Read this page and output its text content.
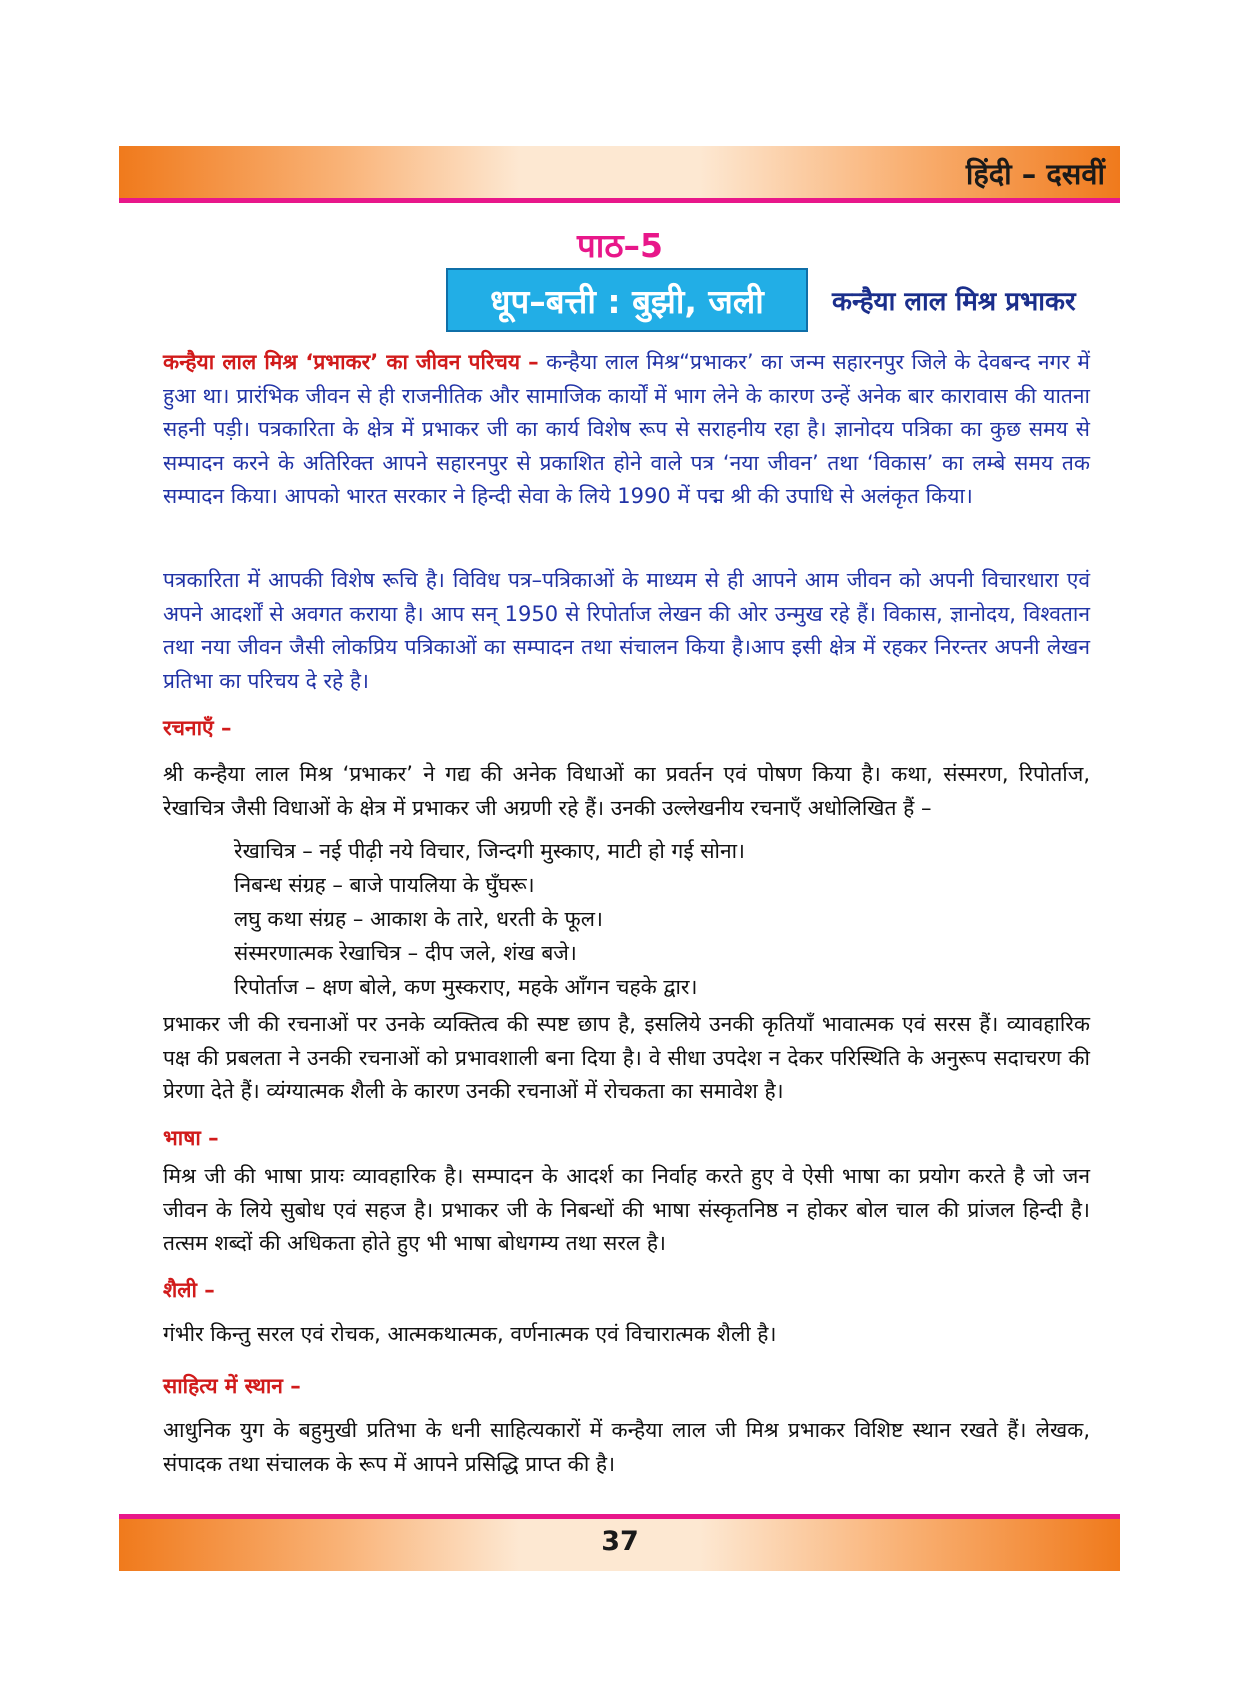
हिंदी – दसवीं
पाठ–5
धूप–बत्ती : बुझी, जली	कन्हैया लाल मिश्र प्रभाकर

कन्हैया लाल मिश्र ‘प्रभाकर’ का जीवन परिचय – कन्हैया लाल मिश्र“प्रभाकर’ का जन्म सहारनपुर जिले के देवबन्द नगर में हुआ था। प्रारंभिक जीवन से ही राजनीतिक और सामाजिक कार्यों में भाग लेने के कारण उन्हें अनेक बार कारावास की यातना सहनी पड़ी। पत्रकारिता के क्षेत्र में प्रभाकर जी का कार्य विशेष रूप से सराहनीय रहा है। ज्ञानोदय पत्रिका का कुछ समय से सम्पादन करने के अतिरिक्त आपने सहारनपुर से प्रकाशित होने वाले पत्र ‘नया जीवन’ तथा ‘विकास’ का लम्बे समय तक सम्पादन किया। आपको भारत सरकार ने हिन्दी सेवा के लिये 1990 में पद्म श्री की उपाधि से अलंकृत किया।

पत्रकारिता में आपकी विशेष रूचि है। विविध पत्र–पत्रिकाओं के माध्यम से ही आपने आम जीवन को अपनी विचारधारा एवं अपने आदर्शों से अवगत कराया है। आप सन् 1950 से रिपोर्ताज लेखन की ओर उन्मुख रहे हैं। विकास, ज्ञानोदय, विश्वतान तथा नया जीवन जैसी लोकप्रिय पत्रिकाओं का सम्पादन तथा संचालन किया है।आप इसी क्षेत्र में रहकर निरन्तर अपनी लेखन प्रतिभा का परिचय दे रहे है।

रचनाएँ –

श्री कन्हैया लाल मिश्र ‘प्रभाकर’ ने गद्य की अनेक विधाओं का प्रवर्तन एवं पोषण किया है। कथा, संस्मरण, रिपोर्ताज, रेखाचित्र जैसी विधाओं के क्षेत्र में प्रभाकर जी अग्रणी रहे हैं। उनकी उल्लेखनीय रचनाएँ अधोलिखित हैं –

रेखाचित्र – नई पीढ़ी नये विचार, जिन्दगी मुस्काए, माटी हो गई सोना।
निबन्ध संग्रह – बाजे पायलिया के घुँघरू।
लघु कथा संग्रह – आकाश के तारे, धरती के फूल।
संस्मरणात्मक रेखाचित्र – दीप जले, शंख बजे।
रिपोर्ताज – क्षण बोले, कण मुस्कराए, महके आँगन चहके द्वार।

प्रभाकर जी की रचनाओं पर उनके व्यक्तित्व की स्पष्ट छाप है, इसलिये उनकी कृतियाँ भावात्मक एवं सरस हैं। व्यावहारिक पक्ष की प्रबलता ने उनकी रचनाओं को प्रभावशाली बना दिया है। वे सीधा उपदेश न देकर परिस्थिति के अनुरूप सदाचरण की प्रेरणा देते हैं। व्यंग्यात्मक शैली के कारण उनकी रचनाओं में रोचकता का समावेश है।

भाषा –

मिश्र जी की भाषा प्रायः व्यावहारिक है। सम्पादन के आदर्श का निर्वाह करते हुए वे ऐसी भाषा का प्रयोग करते है जो जन जीवन के लिये सुबोध एवं सहज है। प्रभाकर जी के निबन्धों की भाषा संस्कृतनिष्ठ न होकर बोल चाल की प्रांजल हिन्दी है। तत्सम शब्दों की अधिकता होते हुए भी भाषा बोधगम्य तथा सरल है।

शैली –

गंभीर किन्तु सरल एवं रोचक, आत्मकथात्मक, वर्णनात्मक एवं विचारात्मक शैली है।

साहित्य में स्थान –

आधुनिक युग के बहुमुखी प्रतिभा के धनी साहित्यकारों में कन्हैया लाल जी मिश्र प्रभाकर विशिष्ट स्थान रखते हैं। लेखक, संपादक तथा संचालक के रूप में आपने प्रसिद्धि प्राप्त की है।

37
